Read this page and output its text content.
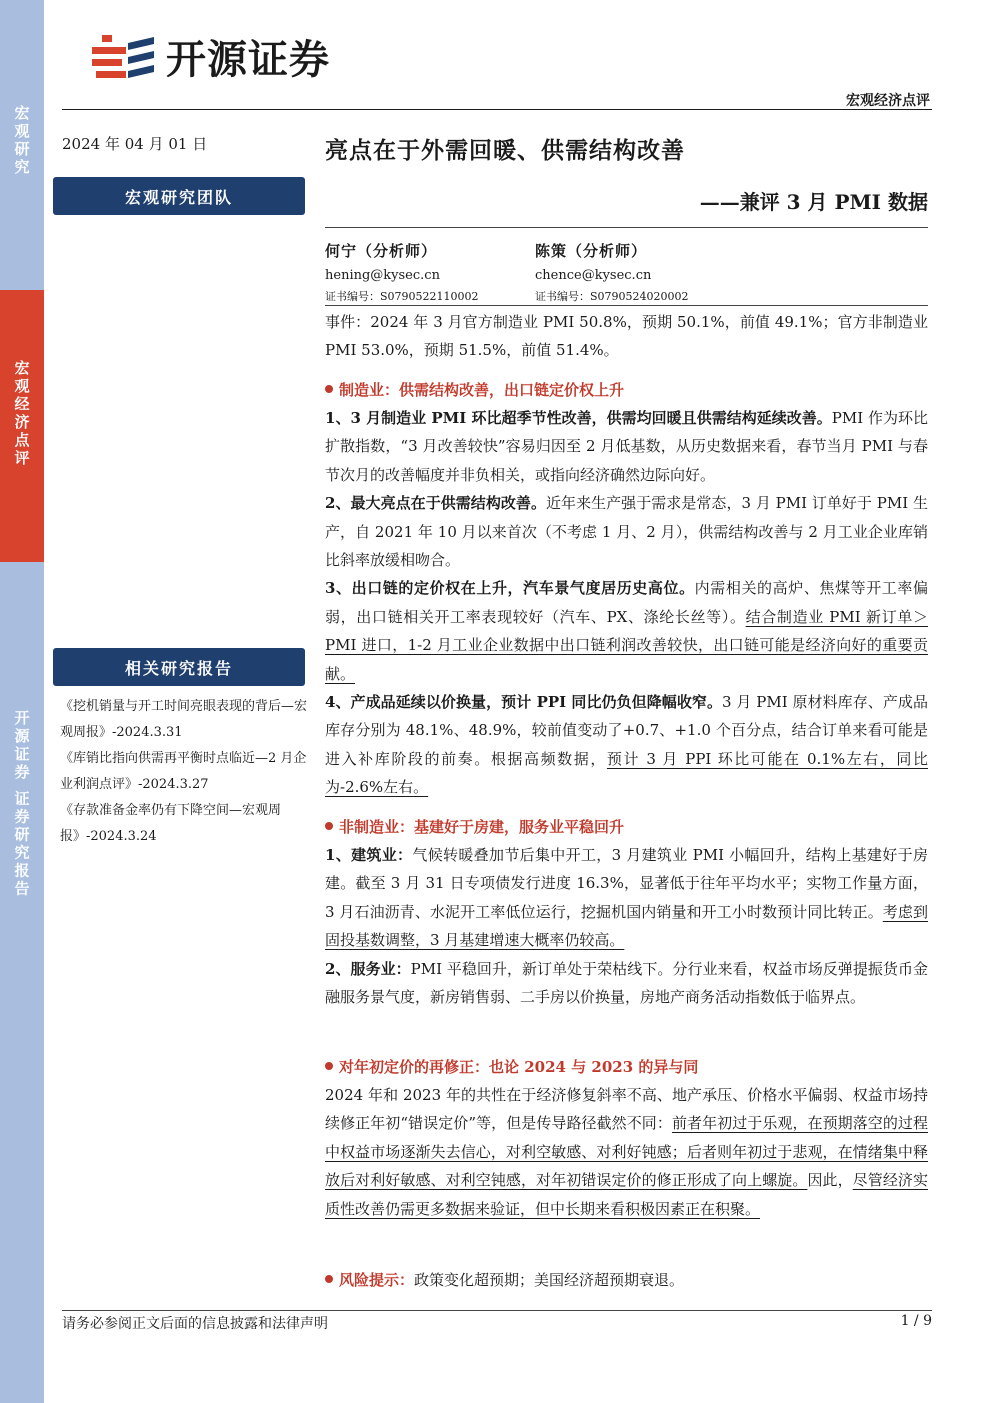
宏观研究
宏观经济点评
开源证券 证券研究报告
开源证券
宏观经济点评
2024 年 04 月 01 日
宏观研究团队
相关研究报告
《挖机销量与开工时间亮眼表现的背后—宏观周报》-2024.3.31
《库销比指向供需再平衡时点临近—2 月企业利润点评》-2024.3.27
《存款准备金率仍有下降空间—宏观周报》-2024.3.24
亮点在于外需回暖、供需结构改善
——兼评 3 月 PMI 数据
何宁（分析师）
hening@kysec.cn
证书编号：S0790522110002
陈策（分析师）
chence@kysec.cn
证书编号：S0790524020002

事件：2024 年 3 月官方制造业 PMI 50.8%，预期 50.1%，前值 49.1%；官方非制造业 PMI 53.0%，预期 51.5%，前值 51.4%。

制造业：供需结构改善，出口链定价权上升

1、3 月制造业 PMI 环比超季节性改善，供需均回暖且供需结构延续改善。PMI 作为环比扩散指数，“3 月改善较快”容易归因至 2 月低基数，从历史数据来看，春节当月 PMI 与春节次月的改善幅度并非负相关，或指向经济确然边际向好。

2、最大亮点在于供需结构改善。近年来生产强于需求是常态，3 月 PMI 订单好于 PMI 生产，自 2021 年 10 月以来首次（不考虑 1 月、2 月），供需结构改善与 2 月工业企业库销比斜率放缓相吻合。

3、出口链的定价权在上升，汽车景气度居历史高位。内需相关的高炉、焦煤等开工率偏弱，出口链相关开工率表现较好（汽车、PX、涤纶长丝等）。结合制造业 PMI 新订单＞PMI 进口，1-2 月工业企业数据中出口链利润改善较快，出口链可能是经济向好的重要贡献。

4、产成品延续以价换量，预计 PPI 同比仍负但降幅收窄。3 月 PMI 原材料库存、产成品库存分别为 48.1%、48.9%，较前值变动了+0.7、+1.0 个百分点，结合订单来看可能是进入补库阶段的前奏。根据高频数据，预计 3 月 PPI 环比可能在 0.1%左右，同比为-2.6%左右。

非制造业：基建好于房建，服务业平稳回升

1、建筑业：气候转暖叠加节后集中开工，3 月建筑业 PMI 小幅回升，结构上基建好于房建。截至 3 月 31 日专项债发行进度 16.3%，显著低于往年平均水平；实物工作量方面，3 月石油沥青、水泥开工率低位运行，挖掘机国内销量和开工小时数预计同比转正。考虑到固投基数调整，3 月基建增速大概率仍较高。

2、服务业：PMI 平稳回升，新订单处于荣枯线下。分行业来看，权益市场反弹提振货币金融服务景气度，新房销售弱、二手房以价换量，房地产商务活动指数低于临界点。

对年初定价的再修正：也论 2024 与 2023 的异与同

2024 年和 2023 年的共性在于经济修复斜率不高、地产承压、价格水平偏弱、权益市场持续修正年初“错误定价”等，但是传导路径截然不同：前者年初过于乐观，在预期落空的过程中权益市场逐渐失去信心，对利空敏感、对利好钝感；后者则年初过于悲观，在情绪集中释放后对利好敏感、对利空钝感，对年初错误定价的修正形成了向上螺旋。因此，尽管经济实质性改善仍需更多数据来验证，但中长期来看积极因素正在积聚。

风险提示：政策变化超预期；美国经济超预期衰退。

请务必参阅正文后面的信息披露和法律声明	1 / 9
